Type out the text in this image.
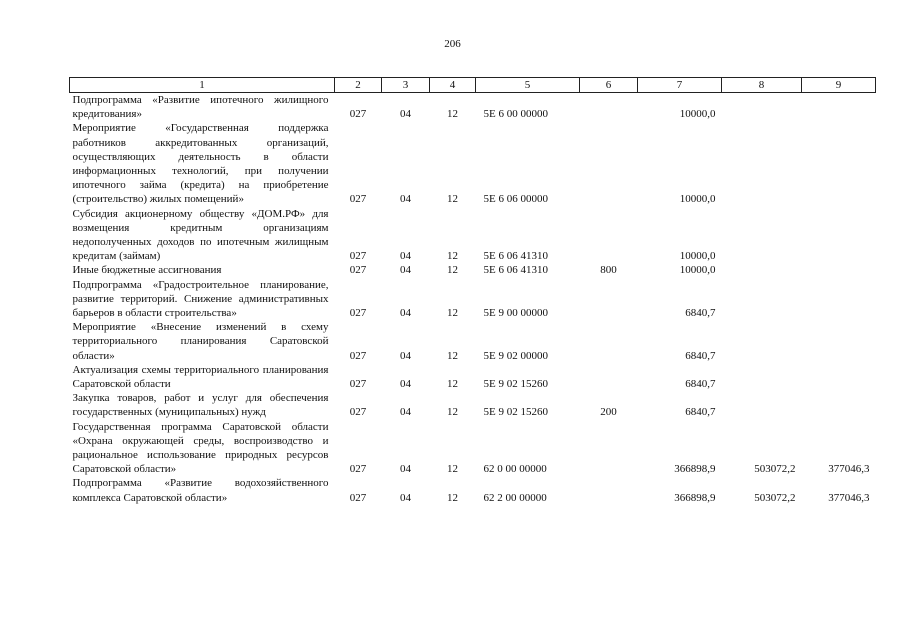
206
1	2	3	4	5	6	7	8	9
Подпрограмма «Развитие ипотечного жилищного кредитования»	027	04	12	5Е 6 00 00000		10000,0		
Мероприятие «Государственная поддержка работников аккредитованных организаций, осуществляющих деятельность в области информационных технологий, при получении ипотечного займа (кредита) на приобретение (строительство) жилых помещений»	027	04	12	5Е 6 06 00000		10000,0		
Субсидия акционерному обществу «ДОМ.РФ» для возмещения кредитным организациям недополученных доходов по ипотечным жилищным кредитам (займам)	027	04	12	5Е 6 06 41310		10000,0		
Иные бюджетные ассигнования	027	04	12	5Е 6 06 41310	800	10000,0		
Подпрограмма «Градостроительное планирование, развитие территорий. Снижение административных барьеров в области строительства»	027	04	12	5Е 9 00 00000		6840,7		
Мероприятие «Внесение изменений в схему территориального планирования Саратовской области»	027	04	12	5Е 9 02 00000		6840,7		
Актуализация схемы территориального планирования Саратовской области	027	04	12	5Е 9 02 15260		6840,7		
Закупка товаров, работ и услуг для обеспечения государственных (муниципальных) нужд	027	04	12	5Е 9 02 15260	200	6840,7		
Государственная программа Саратовской области «Охрана окружающей среды, воспроизводство и рациональное использование природных ресурсов Саратовской области»	027	04	12	62 0 00 00000		366898,9	503072,2	377046,3
Подпрограмма «Развитие водохозяйственного комплекса Саратовской области»	027	04	12	62 2 00 00000		366898,9	503072,2	377046,3
